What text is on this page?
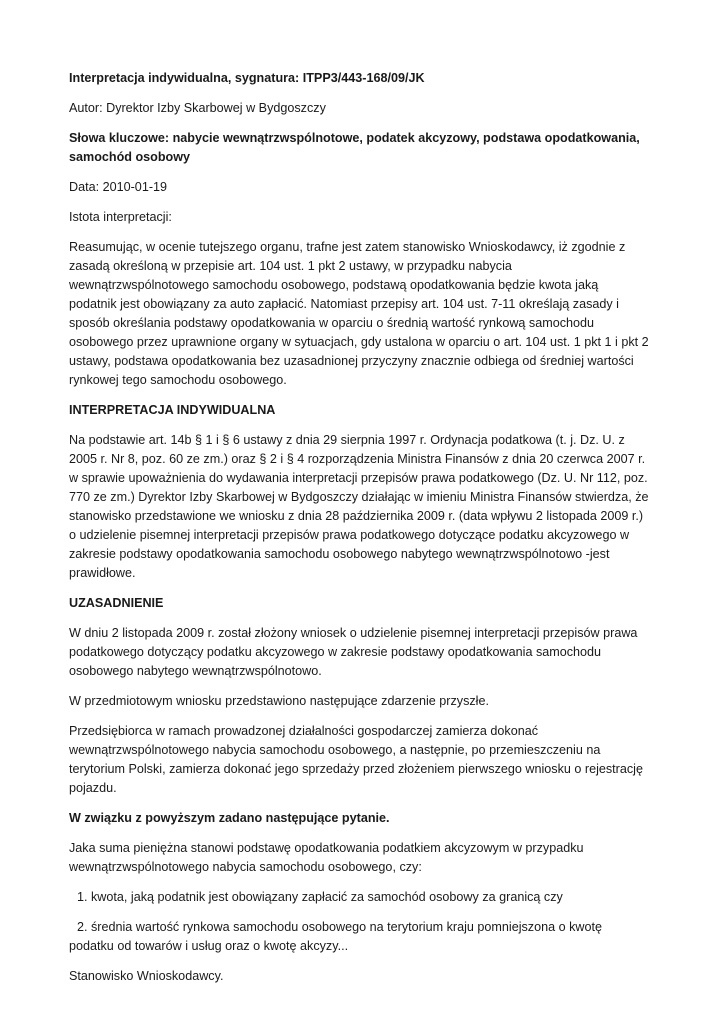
Interpretacja indywidualna, sygnatura: ITPP3/443-168/09/JK

Autor: Dyrektor Izby Skarbowej w Bydgoszczy

Słowa kluczowe: nabycie wewnątrzwspólnotowe, podatek akcyzowy, podstawa opodatkowania, samochód osobowy

Data: 2010-01-19

Istota interpretacji:

Reasumując, w ocenie tutejszego organu, trafne jest zatem stanowisko Wnioskodawcy, iż zgodnie z zasadą określoną w przepisie art. 104 ust. 1 pkt 2 ustawy, w przypadku nabycia wewnątrzwspólnotowego samochodu osobowego, podstawą opodatkowania będzie kwota jaką podatnik jest obowiązany za auto zapłacić. Natomiast przepisy art. 104 ust. 7-11 określają zasady i sposób określania podstawy opodatkowania w oparciu o średnią wartość rynkową samochodu osobowego przez uprawnione organy w sytuacjach, gdy ustalona w oparciu o art. 104 ust. 1 pkt 1 i pkt 2 ustawy, podstawa opodatkowania bez uzasadnionej przyczyny znacznie odbiega od średniej wartości rynkowej tego samochodu osobowego.

INTERPRETACJA INDYWIDUALNA

Na podstawie art. 14b § 1 i § 6 ustawy z dnia 29 sierpnia 1997 r. Ordynacja podatkowa (t. j. Dz. U. z 2005 r. Nr 8, poz. 60 ze zm.) oraz § 2 i § 4 rozporządzenia Ministra Finansów z dnia 20 czerwca 2007 r. w sprawie upoważnienia do wydawania interpretacji przepisów prawa podatkowego (Dz. U. Nr 112, poz. 770 ze zm.) Dyrektor Izby Skarbowej w Bydgoszczy działając w imieniu Ministra Finansów stwierdza, że stanowisko przedstawione we wniosku z dnia 28 października 2009 r. (data wpływu 2 listopada 2009 r.) o udzielenie pisemnej interpretacji przepisów prawa podatkowego dotyczące podatku akcyzowego w zakresie podstawy opodatkowania samochodu osobowego nabytego wewnątrzwspólnotowo -jest prawidłowe.

UZASADNIENIE

W dniu 2 listopada 2009 r. został złożony wniosek o udzielenie pisemnej interpretacji przepisów prawa podatkowego dotyczący podatku akcyzowego w zakresie podstawy opodatkowania samochodu osobowego nabytego wewnątrzwspólnotowo.

W przedmiotowym wniosku przedstawiono następujące zdarzenie przyszłe.

Przedsiębiorca w ramach prowadzonej działalności gospodarczej zamierza dokonać wewnątrzwspólnotowego nabycia samochodu osobowego, a następnie, po przemieszczeniu na terytorium Polski, zamierza dokonać jego sprzedaży przed złożeniem pierwszego wniosku o rejestrację pojazdu.

W związku z powyższym zadano następujące pytanie.

Jaka suma pieniężna stanowi podstawę opodatkowania podatkiem akcyzowym w przypadku wewnątrzwspólnotowego nabycia samochodu osobowego, czy:

1. kwota, jaką podatnik jest obowiązany zapłacić za samochód osobowy za granicą czy

2. średnia wartość rynkowa samochodu osobowego na terytorium kraju pomniejszona o kwotę podatku od towarów i usług oraz o kwotę akcyzy...

Stanowisko Wnioskodawcy.
